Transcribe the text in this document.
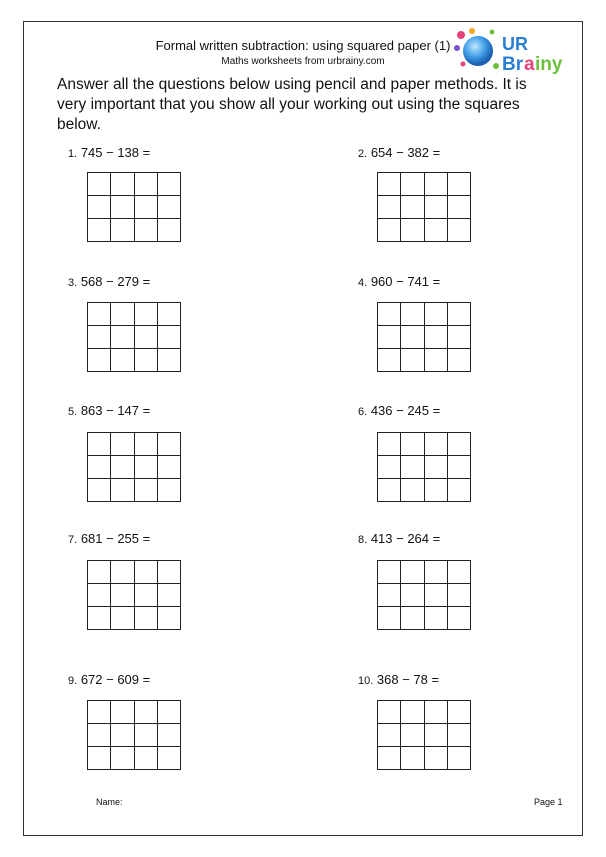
Formal written subtraction: using squared paper (1)
Maths worksheets from urbrainy.com
UR
Br a iny
Answer all the questions below using pencil and paper methods. It is very important that you show all your working out using the squares below.
1. 745 − 138 =	2. 654 − 382 =
3. 568 − 279 =	4. 960 − 741 =
5. 863 − 147 =	6. 436 − 245 =
7. 681 − 255 =	8. 413 − 264 =
9. 672 − 609 =	10. 368 − 78 =
Name:	Page 1
